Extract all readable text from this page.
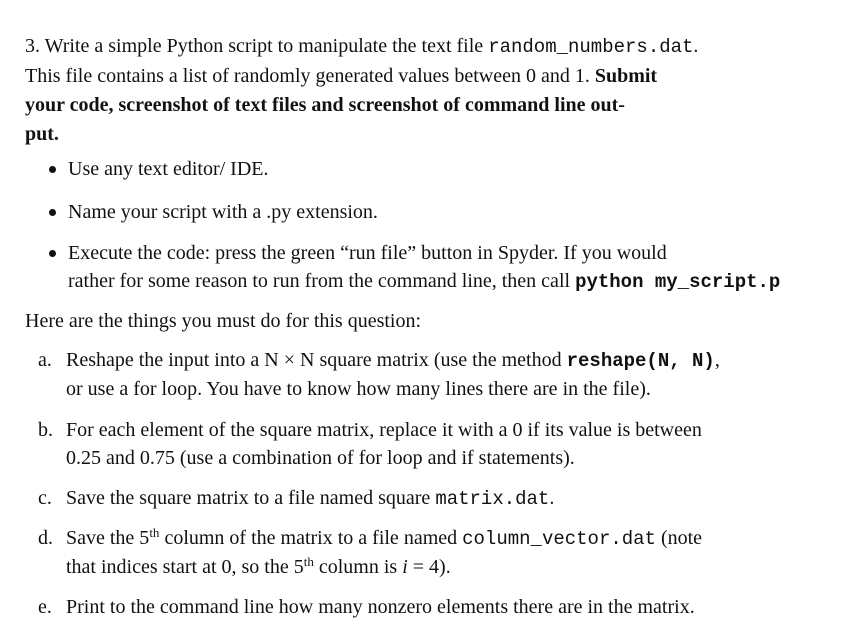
3. Write a simple Python script to manipulate the text file random_numbers.dat.
This file contains a list of randomly generated values between 0 and 1. Submit
your code, screenshot of text files and screenshot of command line out-
put.
Use any text editor/ IDE.
Name your script with a .py extension.
Execute the code: press the green “run file” button in Spyder. If you would
rather for some reason to run from the command line, then call python my_script.p
Here are the things you must do for this question:
a. Reshape the input into a N × N square matrix (use the method reshape(N, N),
or use a for loop. You have to know how many lines there are in the file).
b. For each element of the square matrix, replace it with a 0 if its value is between
0.25 and 0.75 (use a combination of for loop and if statements).
c. Save the square matrix to a file named square matrix.dat.
d. Save the 5th column of the matrix to a file named column_vector.dat (note
that indices start at 0, so the 5th column is i = 4).
e. Print to the command line how many nonzero elements there are in the matrix.
